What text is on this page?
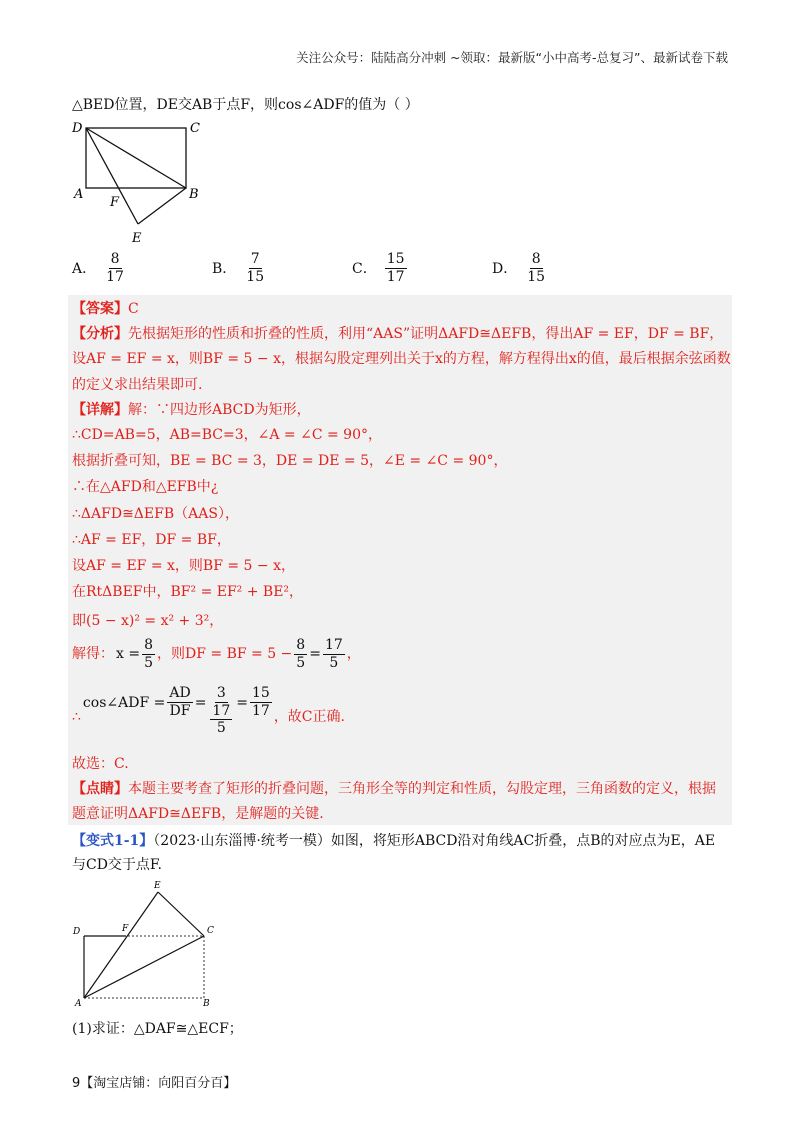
关注公众号：陆陆高分冲刺 ~领取：最新版“小中高考-总复习”、最新试卷下载
△BED位置，DE交AB于点F，则cos∠ADF的值为（ ）
D	C
A	B
F
E
A． $\frac{8}{17}$	B． $\frac{7}{15}$	C． $\frac{15}{17}$	D． $\frac{8}{15}$
【答案】C
【分析】先根据矩形的性质和折叠的性质，利用“AAS”证明ΔAFD≅ΔEFB，得出AF = EF，DF = BF，
设AF = EF = x，则BF = 5 − x，根据勾股定理列出关于x的方程，解方程得出x的值，最后根据余弦函数
的定义求出结果即可.
【详解】解：∵四边形ABCD为矩形，
∴CD=AB=5，AB=BC=3，∠A = ∠C = 90°，
根据折叠可知，BE = BC = 3，DE = DE = 5，∠E = ∠C = 90°，
∴在△AFD和△EFB中¿
∴ΔAFD≅ΔEFB（AAS），
∴AF = EF，DF = BF，
设AF = EF = x，则BF = 5 − x，
在RtΔBEF中，BF² = EF² + BE²，
即(5 − x)² = x² + 3²，
解得： $x = \frac{8}{5}$ ，则DF = BF = $5 - \frac{8}{5} = \frac{17}{5}$ ，
∴
cos∠ADF = $\frac{AD}{DF} = \frac{3}{\frac{17}{5}} = \frac{15}{17}$ ，故C正确.
故选：C.
【点睛】本题主要考查了矩形的折叠问题，三角形全等的判定和性质，勾股定理，三角函数的定义，根据
题意证明ΔAFD≅ΔEFB，是解题的关键.
【变式1-1】（2023·山东淄博·统考一模）如图，将矩形ABCD沿对角线AC折叠，点B的对应点为E，AE
与CD交于点F.
E
D	F	C
A	B
(1)求证：△DAF≅△ECF；
9【淘宝店铺：向阳百分百】
